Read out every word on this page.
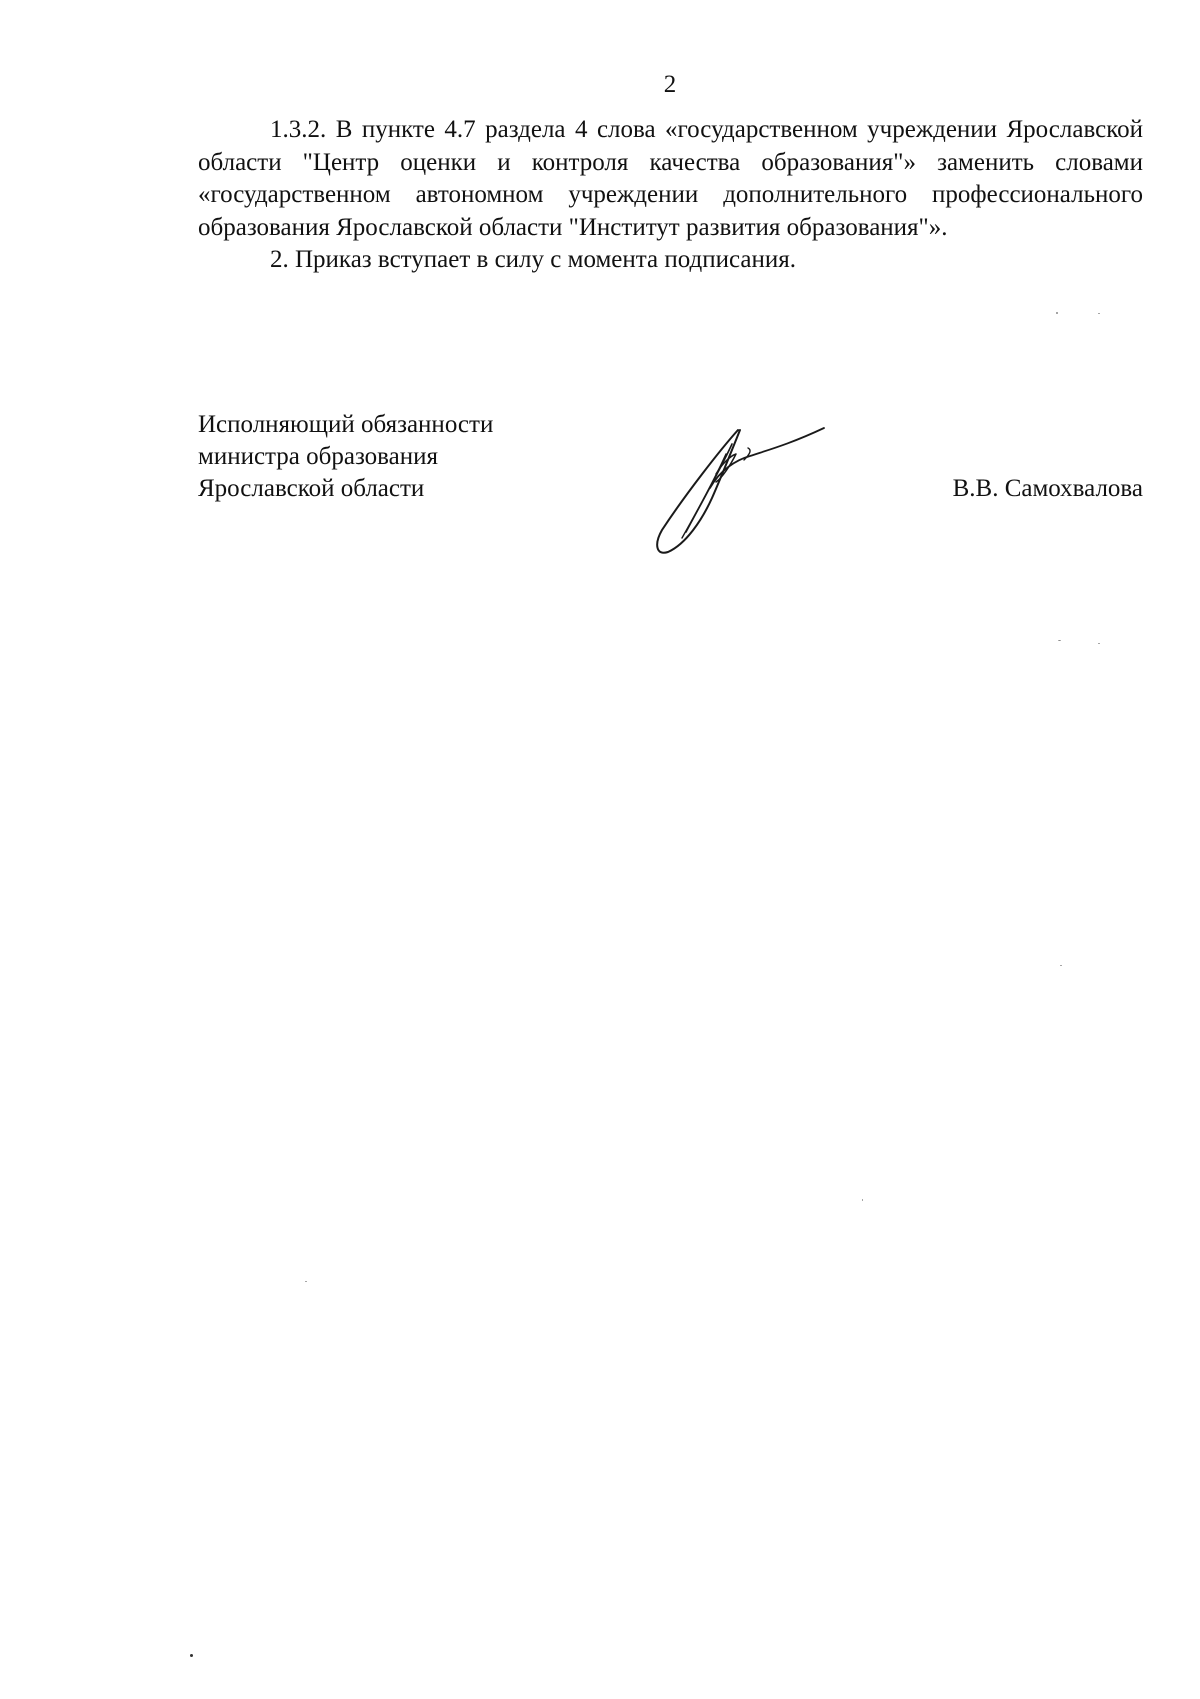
2

1.3.2. В пункте 4.7 раздела 4 слова «государственном учреждении Ярославской области "Центр оценки и контроля качества образования"» заменить словами «государственном автономном учреждении дополнительного профессионального образования Ярославской области "Институт развития образования"».

2. Приказ вступает в силу с момента подписания.

Исполняющий обязанности
министра образования
Ярославской области	В.В. Самохвалова
